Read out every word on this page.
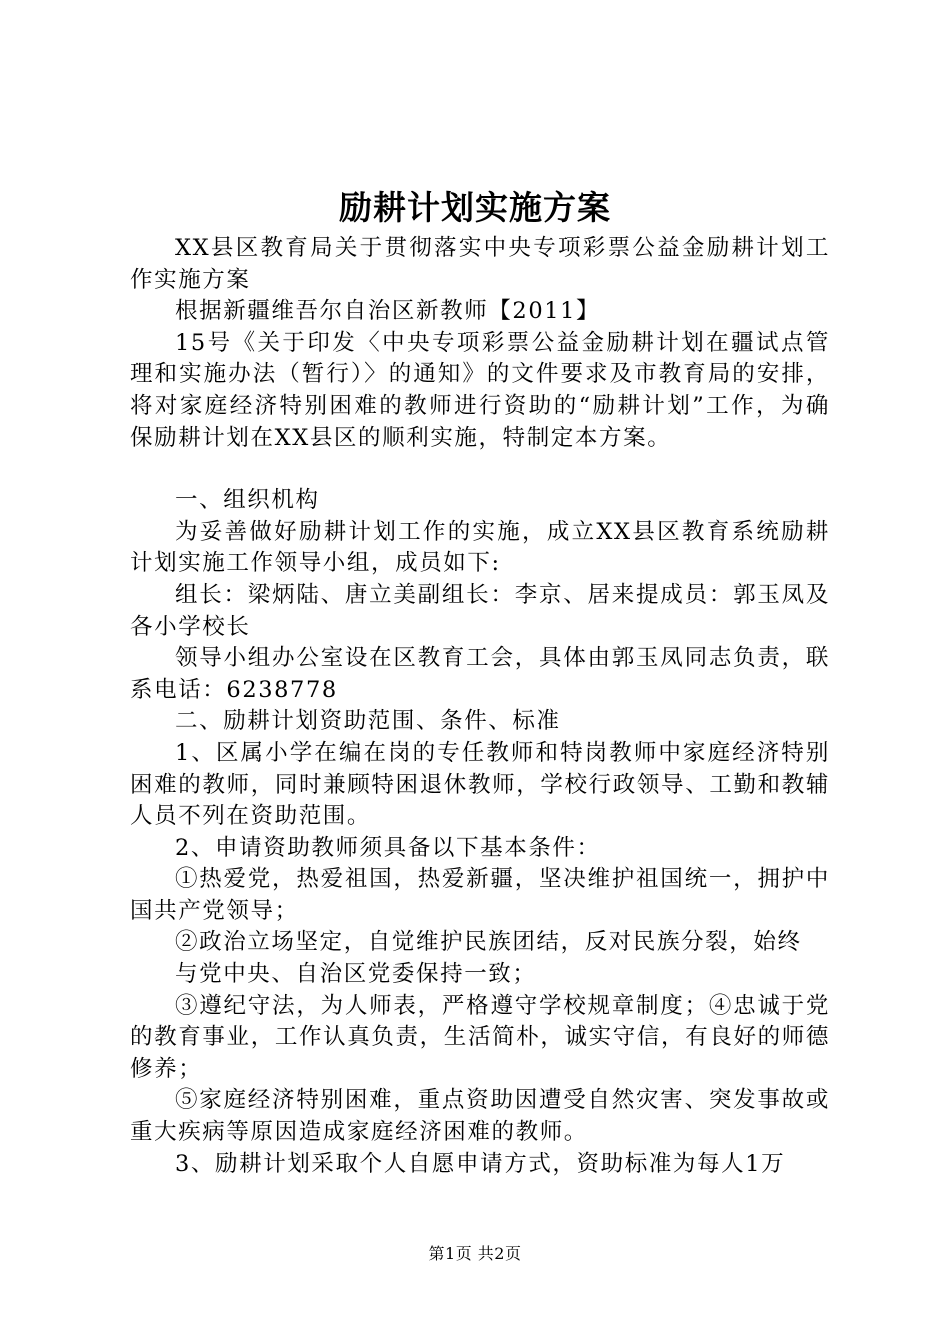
励耕计划实施方案

XX县区教育局关于贯彻落实中央专项彩票公益金励耕计划工作实施方案

根据新疆维吾尔自治区新教师【2011】

15号《关于印发〈中央专项彩票公益金励耕计划在疆试点管理和实施办法（暂行）〉的通知》的文件要求及市教育局的安排，将对家庭经济特别困难的教师进行资助的“励耕计划”工作，为确保励耕计划在XX县区的顺利实施，特制定本方案。

一、组织机构

为妥善做好励耕计划工作的实施，成立XX县区教育系统励耕计划实施工作领导小组，成员如下:

组长：梁炳陆、唐立美副组长：李京、居来提成员：郭玉凤及各小学校长

领导小组办公室设在区教育工会，具体由郭玉凤同志负责，联系电话：6238778

二、励耕计划资助范围、条件、标准

1、区属小学在编在岗的专任教师和特岗教师中家庭经济特别困难的教师，同时兼顾特困退休教师，学校行政领导、工勤和教辅人员不列在资助范围。

2、申请资助教师须具备以下基本条件：

①热爱党，热爱祖国，热爱新疆，坚决维护祖国统一，拥护中国共产党领导；

②政治立场坚定，自觉维护民族团结，反对民族分裂，始终

与党中央、自治区党委保持一致；

③遵纪守法，为人师表，严格遵守学校规章制度；④忠诚于党的教育事业，工作认真负责，生活简朴，诚实守信，有良好的师德修养；

⑤家庭经济特别困难，重点资助因遭受自然灾害、突发事故或重大疾病等原因造成家庭经济困难的教师。

3、励耕计划采取个人自愿申请方式，资助标准为每人1万

第1页 共2页
